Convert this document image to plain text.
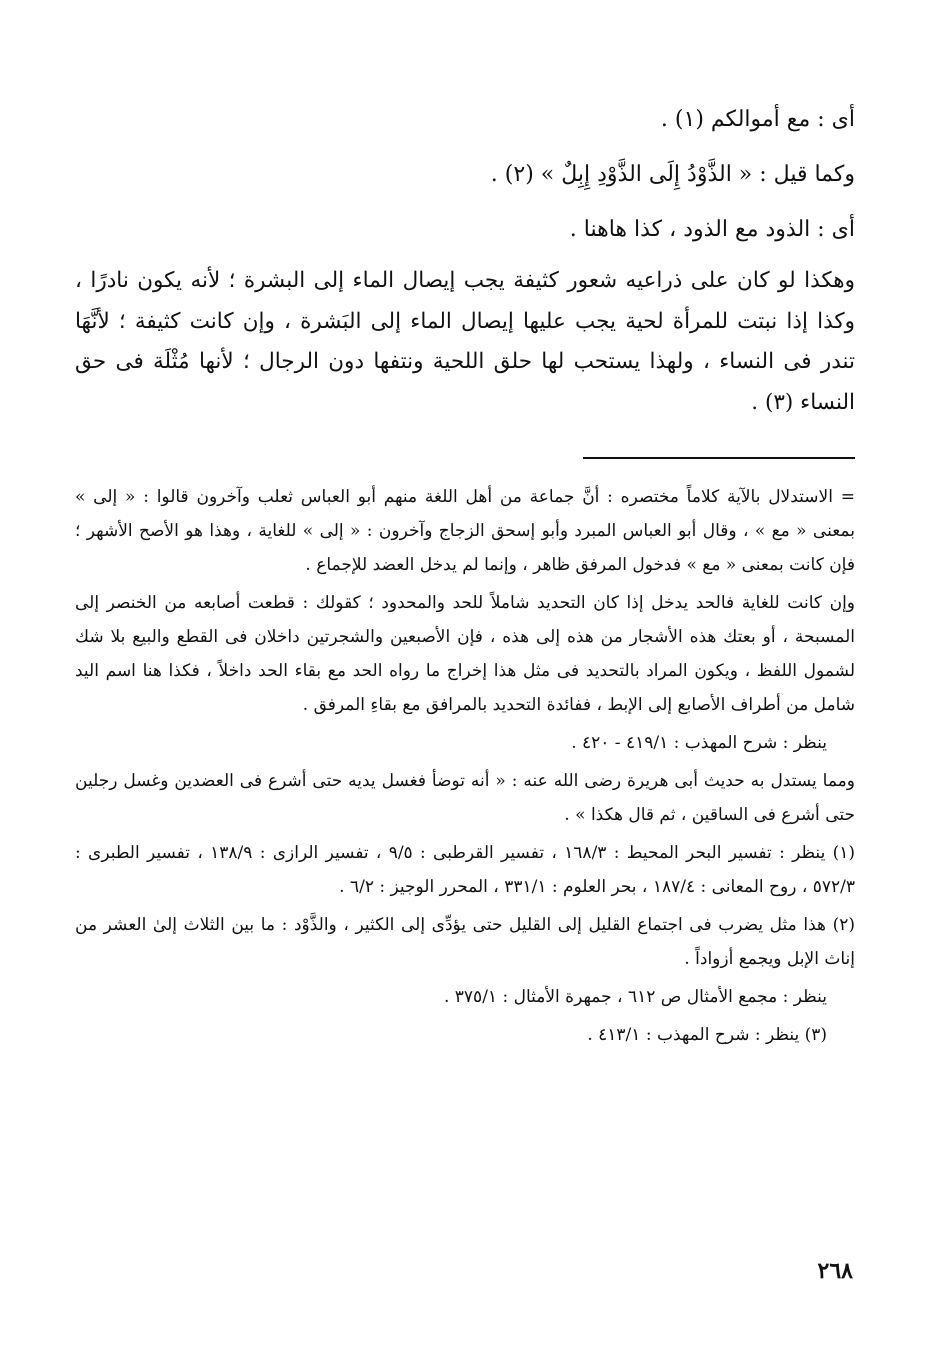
أى : مع أموالكم (١) .
وكما قيل : « الذَّوْدُ إِلَى الذَّوْدِ إِبِلٌ » (٢) .
أى : الذود مع الذود ، كذا هاهنا .
وهكذا لو كان على ذراعيه شعور كثيفة يجب إيصال الماء إلى البشرة ؛ لأنه يكون نادرًا ، وكذا إذا نبتت للمرأة لحية يجب عليها إيصال الماء إلى البَشرة ، وإن كانت كثيفة ؛ لأنَّهَا تندر فى النساء ، ولهذا يستحب لها حلق اللحية ونتفها دون الرجال ؛ لأنها مُثْلَة فى حق النساء (٣) .
= الاستدلال بالآية كلاماً مختصره : أنَّ جماعة من أهل اللغة منهم أبو العباس ثعلب وآخرون قالوا : « إلى » بمعنى « مع » ، وقال أبو العباس المبرد وأبو إسحق الزجاج وآخرون : « إلى » للغاية ، وهذا هو الأصح الأشهر ؛ فإن كانت بمعنى « مع » فدخول المرفق ظاهر ، وإنما لم يدخل العضد للإجماع .
وإن كانت للغاية فالحد يدخل إذا كان التحديد شاملاً للحد والمحدود ؛ كقولك : قطعت أصابعه من الخنصر إلى المسبحة ، أو بعتك هذه الأشجار من هذه إلى هذه ، فإن الأصبعين والشجرتين داخلان فى القطع والبيع بلا شك لشمول اللفظ ، ويكون المراد بالتحديد فى مثل هذا إخراج ما رواه الحد مع بقاء الحد داخلاً ، فكذا هنا اسم اليد شامل من أطراف الأصابع إلى الإبط ، ففائدة التحديد بالمرافق مع بقاءِ المرفق .
ينظر : شرح المهذب : ٤١٩/١ - ٤٢٠ .
ومما يستدل به حديث أبى هريرة رضى الله عنه : « أنه توضأ فغسل يديه حتى أشرع فى العضدين وغسل رجلين حتى أشرع فى الساقين ، ثم قال هكذا » .
(١) ينظر : تفسير البحر المحيط : ١٦٨/٣ ، تفسير القرطبى : ٩/٥ ، تفسير الرازى : ١٣٨/٩ ، تفسير الطبرى : ٥٧٢/٣ ، روح المعانى : ١٨٧/٤ ، بحر العلوم : ٣٣١/١ ، المحرر الوجيز : ٦/٢ .
(٢) هذا مثل يضرب فى اجتماع القليل إلى القليل حتى يؤدِّى إلى الكثير ، والذَّوْد : ما بين الثلاث إلىٰ العشر من إناث الإبل ويجمع أزواداً .
ينظر : مجمع الأمثال ص ٦١٢ ، جمهرة الأمثال : ٣٧٥/١ .
(٣) ينظر : شرح المهذب : ٤١٣/١ .
٢٦٨
